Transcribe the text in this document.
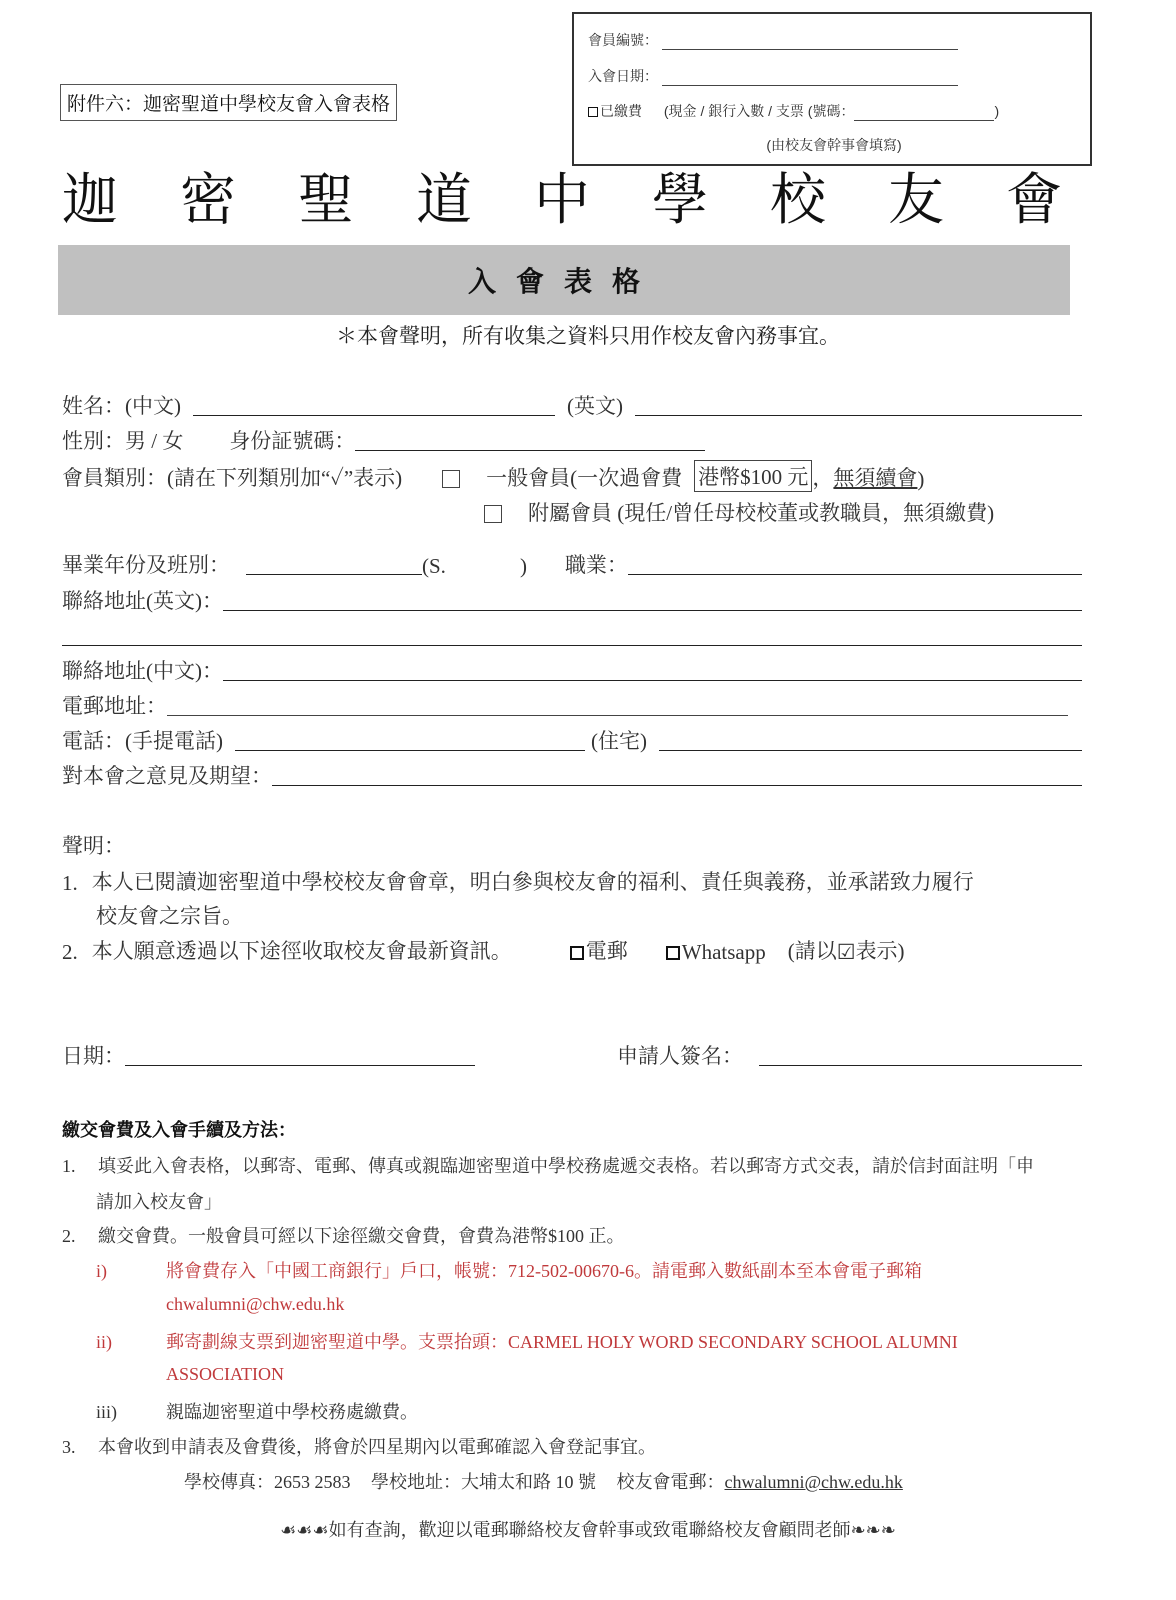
會員編號：
入會日期：
已繳費 (現金 / 銀行入數 / 支票 (號碼：	)
(由校友會幹事會填寫)
附件六：迦密聖道中學校友會入會表格
迦 密 聖 道 中 學 校 友 會
入會表格
＊本會聲明，所有收集之資料只用作校友會內務事宜。
姓名：(中文)	(英文)
性別：男 / 女 身份証號碼：
會員類別：(請在下列類別加“✓”表示)	一般會員(一次過會費 港幣$100 元 ， 無須續會 )
附屬會員 (現任/曾任母校校董或教職員，無須繳費)
畢業年份及班別：	(S.	) 職業：
聯絡地址(英文)：
聯絡地址(中文)：
電郵地址：
電話：(手提電話)	(住宅)
對本會之意見及期望：
聲明：
1. 本人已閱讀迦密聖道中學校校友會會章，明白參與校友會的福利、責任與義務，並承諾致力履行
校友會之宗旨。
2. 本人願意透過以下途徑收取校友會最新資訊。	電郵	Whatsapp (請以 ☑ 表示)
日期：	申請人簽名：
繳交會費及入會手續及方法：
1. 填妥此入會表格，以郵寄、電郵、傳真或親臨迦密聖道中學校務處遞交表格。若以郵寄方式交表，請於信封面註明「申
請加入校友會」
2. 繳交會費。一般會員可經以下途徑繳交會費，會費為港幣$100 正。
i)	將會費存入「中國工商銀行」戶口，帳號：712-502-00670-6。請電郵入數紙副本至本會電子郵箱
chwalumni@chw.edu.hk
ii)	郵寄劃線支票到迦密聖道中學。支票抬頭：CARMEL HOLY WORD SECONDARY SCHOOL ALUMNI
ASSOCIATION
iii)	親臨迦密聖道中學校務處繳費。
3. 本會收到申請表及會費後，將會於四星期內以電郵確認入會登記事宜。
學校傳真：2653 2583 學校地址：大埔太和路 10 號 校友會電郵：chwalumni@chw.edu.hk
☙☙☙如有查詢，歡迎以電郵聯絡校友會幹事或致電聯絡校友會顧問老師❧❧❧
